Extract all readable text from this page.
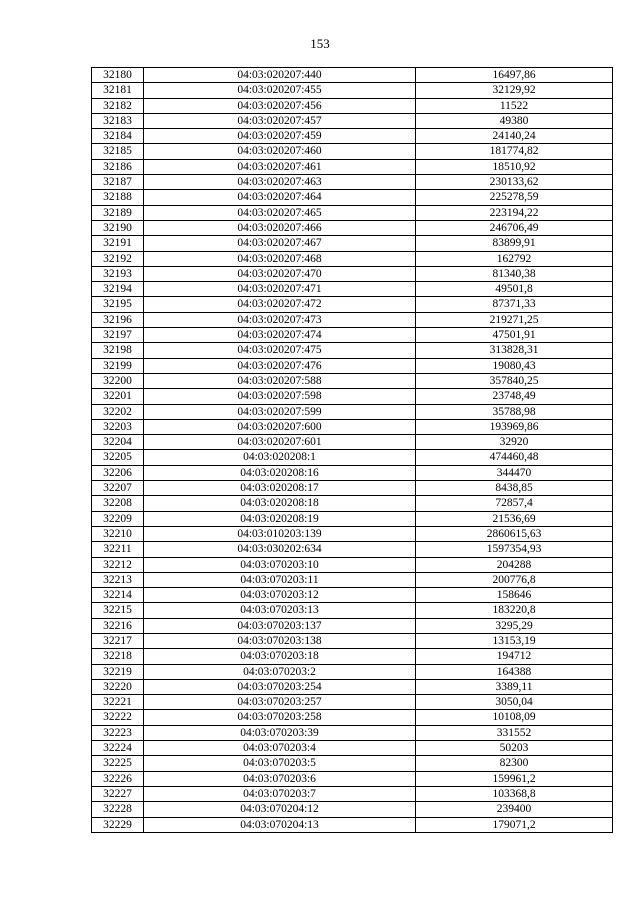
153
32180	04:03:020207:440	16497,86
32181	04:03:020207:455	32129,92
32182	04:03:020207:456	11522
32183	04:03:020207:457	49380
32184	04:03:020207:459	24140,24
32185	04:03:020207:460	181774,82
32186	04:03:020207:461	18510,92
32187	04:03:020207:463	230133,62
32188	04:03:020207:464	225278,59
32189	04:03:020207:465	223194,22
32190	04:03:020207:466	246706,49
32191	04:03:020207:467	83899,91
32192	04:03:020207:468	162792
32193	04:03:020207:470	81340,38
32194	04:03:020207:471	49501,8
32195	04:03:020207:472	87371,33
32196	04:03:020207:473	219271,25
32197	04:03:020207:474	47501,91
32198	04:03:020207:475	313828,31
32199	04:03:020207:476	19080,43
32200	04:03:020207:588	357840,25
32201	04:03:020207:598	23748,49
32202	04:03:020207:599	35788,98
32203	04:03:020207:600	193969,86
32204	04:03:020207:601	32920
32205	04:03:020208:1	474460,48
32206	04:03:020208:16	344470
32207	04:03:020208:17	8438,85
32208	04:03:020208:18	72857,4
32209	04:03:020208:19	21536,69
32210	04:03:010203:139	2860615,63
32211	04:03:030202:634	1597354,93
32212	04:03:070203:10	204288
32213	04:03:070203:11	200776,8
32214	04:03:070203:12	158646
32215	04:03:070203:13	183220,8
32216	04:03:070203:137	3295,29
32217	04:03:070203:138	13153,19
32218	04:03:070203:18	194712
32219	04:03:070203:2	164388
32220	04:03:070203:254	3389,11
32221	04:03:070203:257	3050,04
32222	04:03:070203:258	10108,09
32223	04:03:070203:39	331552
32224	04:03:070203:4	50203
32225	04:03:070203:5	82300
32226	04:03:070203:6	159961,2
32227	04:03:070203:7	103368,8
32228	04:03:070204:12	239400
32229	04:03:070204:13	179071,2
